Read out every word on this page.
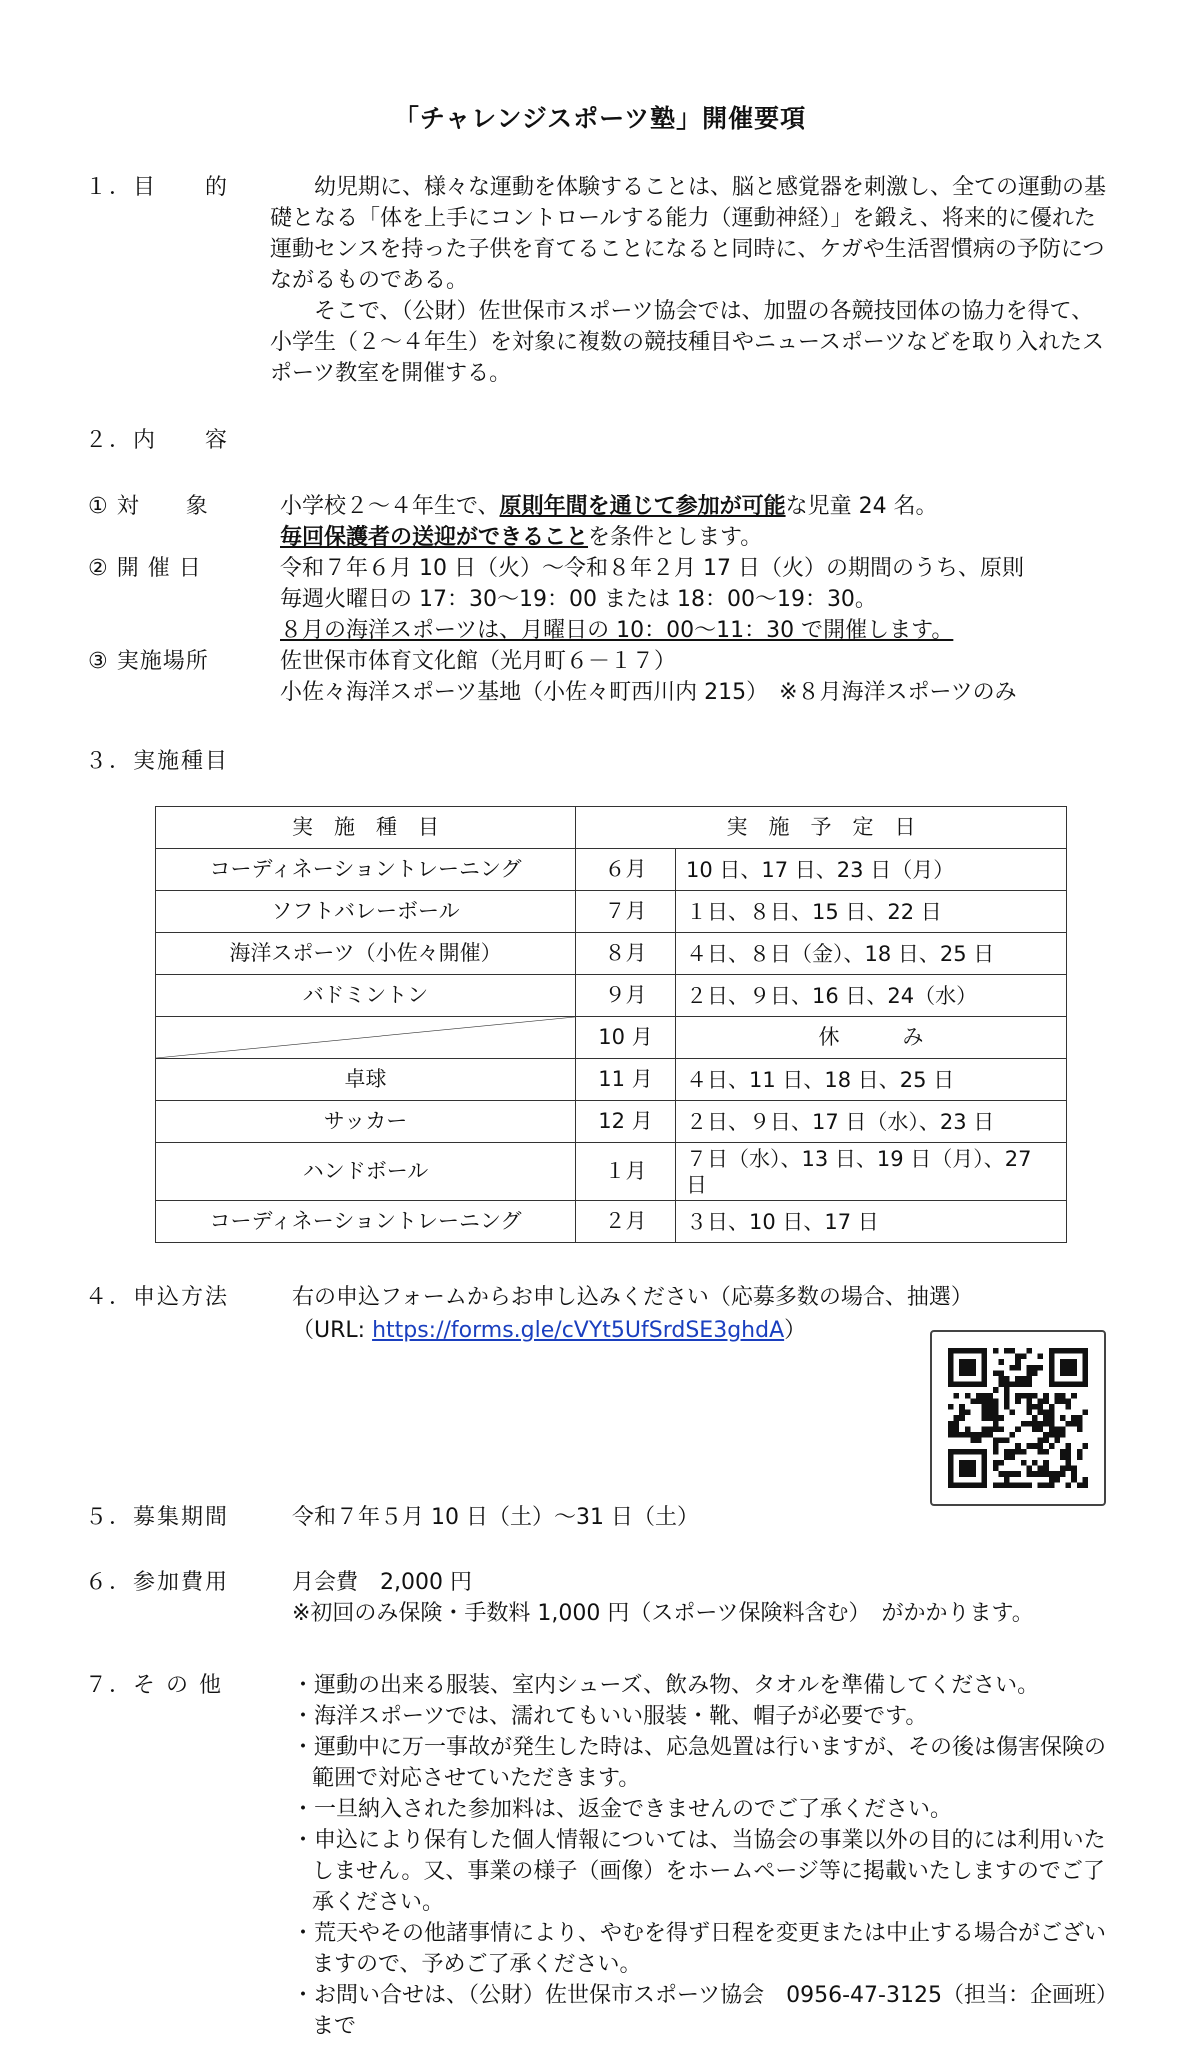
「チャレンジスポーツ塾」開催要項
１．目　　的	幼児期に、様々な運動を体験することは、脳と感覚器を刺激し、全ての運動の基礎となる「体を上手にコントロールする能力（運動神経）」を鍛え、将来的に優れた運動センスを持った子供を育てることになると同時に、ケガや生活習慣病の予防につながるものである。
そこで、（公財）佐世保市スポーツ協会では、加盟の各競技団体の協力を得て、小学生（２～４年生）を対象に複数の競技種目やニュースポーツなどを取り入れたスポーツ教室を開催する。
２．内　　容
① 対　　象	小学校２～４年生で、原則年間を通じて参加が可能な児童 24 名。
毎回保護者の送迎ができることを条件とします。
② 開 催 日	令和７年６月 10 日（火）～令和８年２月 17 日（火）の期間のうち、原則
毎週火曜日の 17：30～19：00 または 18：00～19：30。
８月の海洋スポーツは、月曜日の 10：00～11：30 で開催します。
③ 実施場所	佐世保市体育文化館（光月町６－１７）
小佐々海洋スポーツ基地（小佐々町西川内 215）　※８月海洋スポーツのみ
３．実施種目
実　施　種　目	実　施　予　定　日	
コーディネーショントレーニング	６月	10 日、17 日、23 日（月）
ソフトバレーボール	７月	１日、８日、15 日、22 日
海洋スポーツ（小佐々開催）	８月	４日、８日（金）、18 日、25 日
バドミントン	９月	２日、９日、16 日、24（水）

	10 月	休　　　み
卓球	11 月	４日、11 日、18 日、25 日
サッカー	12 月	２日、９日、17 日（水）、23 日
ハンドボール	１月	７日（水）、13 日、19 日（月）、27 日
コーディネーショントレーニング	２月	３日、10 日、17 日
４．申込方法	右の申込フォームからお申し込みください（応募多数の場合、抽選）
（URL: https://forms.gle/cVYt5UfSrdSE3ghdA）
５．募集期間	令和７年５月 10 日（土）～31 日（土）
６．参加費用	月会費　2,000 円
※初回のみ保険・手数料 1,000 円（スポーツ保険料含む）　がかかります。
７．そ の 他	・運動の出来る服装、室内シューズ、飲み物、タオルを準備してください。
・海洋スポーツでは、濡れてもいい服装・靴、帽子が必要です。
・運動中に万一事故が発生した時は、応急処置は行いますが、その後は傷害保険の範囲で対応させていただきます。
・一旦納入された参加料は、返金できませんのでご了承ください。
・申込により保有した個人情報については、当協会の事業以外の目的には利用いたしません。又、事業の様子（画像）をホームページ等に掲載いたしますのでご了承ください。
・荒天やその他諸事情により、やむを得ず日程を変更または中止する場合がございますので、予めご了承ください。
・お問い合せは、（公財）佐世保市スポーツ協会　0956-47-3125（担当：企画班）まで
